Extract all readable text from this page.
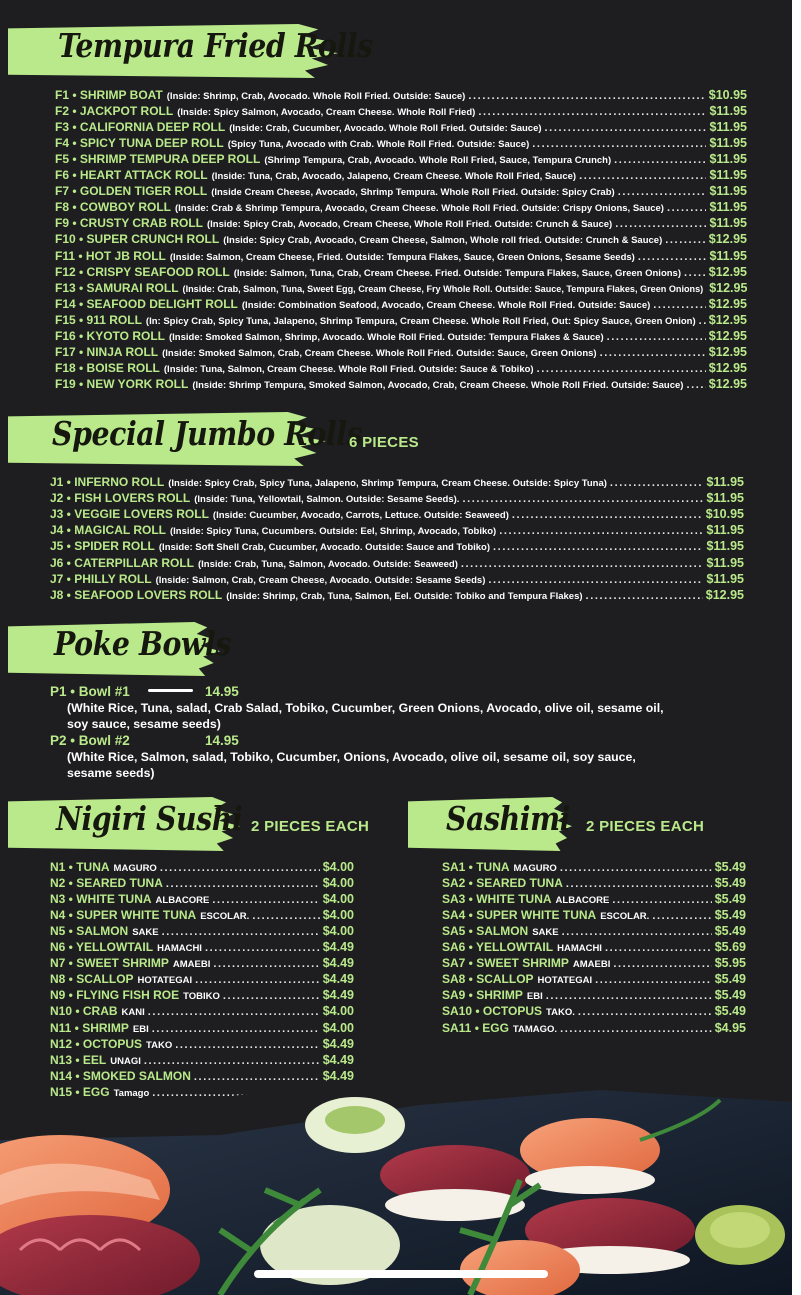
Tempura Fried Rolls
F1 • SHRIMP BOAT (Inside: Shrimp, Crab, Avocado. Whole Roll Fried. Outside: Sauce) .....	$10.95
F2 • JACKPOT ROLL (Inside: Spicy Salmon, Avocado, Cream Cheese. Whole Roll Fried) .....	$11.95
F3 • CALIFORNIA DEEP ROLL (Inside: Crab, Cucumber, Avocado. Whole Roll Fried. Outside: Sauce) .....	$11.95
F4 • SPICY TUNA DEEP ROLL (Spicy Tuna, Avocado with Crab. Whole Roll Fried. Outside: Sauce) .....	$11.95
F5 • SHRIMP TEMPURA DEEP ROLL (Shrimp Tempura, Crab, Avocado. Whole Roll Fried, Sauce, Tempura Crunch) .....	$11.95
F6 • HEART ATTACK ROLL (Inside: Tuna, Crab, Avocado, Jalapeno, Cream Cheese. Whole Roll Fried, Sauce) .....	$11.95
F7 • GOLDEN TIGER ROLL (Inside Cream Cheese, Avocado, Shrimp Tempura. Whole Roll Fried. Outside: Spicy Crab) .....	$11.95
F8 • COWBOY ROLL (Inside: Crab & Shrimp Tempura, Avocado, Cream Cheese. Whole Roll Fried. Outside: Crispy Onions, Sauce) .....	$11.95
F9 • CRUSTY CRAB ROLL (Inside: Spicy Crab, Avocado, Cream Cheese, Whole Roll Fried. Outside: Crunch & Sauce) .....	$11.95
F10 • SUPER CRUNCH ROLL (Inside: Spicy Crab, Avocado, Cream Cheese, Salmon, Whole roll fried. Outside: Crunch & Sauce) .....	$12.95
F11 • HOT JB ROLL (Inside: Salmon, Cream Cheese, Fried. Outside: Tempura Flakes, Sauce, Green Onions, Sesame Seeds) .....	$11.95
F12 • CRISPY SEAFOOD ROLL (Inside: Salmon, Tuna, Crab, Cream Cheese. Fried. Outside: Tempura Flakes, Sauce, Green Onions) ..... $12.95
F13 • SAMURAI ROLL (Inside: Crab, Salmon, Tuna, Sweet Egg, Cream Cheese, Fry Whole Roll. Outside: Sauce, Tempura Flakes, Green Onions) $12.95
F14 • SEAFOOD DELIGHT ROLL (Inside: Combination Seafood, Avocado, Cream Cheese. Whole Roll Fried. Outside: Sauce) .....	$12.95
F15 • 911 ROLL (In: Spicy Crab, Spicy Tuna, Jalapeno, Shrimp Tempura, Cream Cheese. Whole Roll Fried, Out: Spicy Sauce, Green Onion) ..... $12.95
F16 • KYOTO ROLL (Inside: Smoked Salmon, Shrimp, Avocado. Whole Roll Fried. Outside: Tempura Flakes & Sauce) .....	$12.95
F17 • NINJA ROLL (Inside: Smoked Salmon, Crab, Cream Cheese. Whole Roll Fried. Outside: Sauce, Green Onions) .....	$12.95
F18 • BOISE ROLL (Inside: Tuna, Salmon, Cream Cheese. Whole Roll Fried. Outside: Sauce & Tobiko) .....	$12.95
F19 • NEW YORK ROLL (Inside: Shrimp Tempura, Smoked Salmon, Avocado, Crab, Cream Cheese. Whole Roll Fried. Outside: Sauce) ..... $12.95
Special Jumbo Rolls
6 PIECES
J1 • INFERNO ROLL (Inside: Spicy Crab, Spicy Tuna, Jalapeno, Shrimp Tempura, Cream Cheese. Outside: Spicy Tuna) .....	$11.95
J2 • FISH LOVERS ROLL (Inside: Tuna, Yellowtail, Salmon. Outside: Sesame Seeds). .....	$11.95
J3 • VEGGIE LOVERS ROLL (Inside: Cucumber, Avocado, Carrots, Lettuce. Outside: Seaweed) .....	$10.95
J4 • MAGICAL ROLL (Inside: Spicy Tuna, Cucumbers. Outside: Eel, Shrimp, Avocado, Tobiko) .....	$11.95
J5 • SPIDER ROLL (Inside: Soft Shell Crab, Cucumber, Avocado. Outside: Sauce and Tobiko) .....	$11.95
J6 • CATERPILLAR ROLL (Inside: Crab, Tuna, Salmon, Avocado. Outside: Seaweed) .....	$11.95
J7 • PHILLY ROLL (Inside: Salmon, Crab, Cream Cheese, Avocado. Outside: Sesame Seeds) .....	$11.95
J8 • SEAFOOD LOVERS ROLL (Inside: Shrimp, Crab, Tuna, Salmon, Eel. Outside: Tobiko and Tempura Flakes) .....	$12.95
Poke Bowls
P1 • Bowl #1	14.95
(White Rice, Tuna, salad, Crab Salad, Tobiko, Cucumber, Green Onions, Avocado, olive oil, sesame oil, soy sauce, sesame seeds)
P2 • Bowl #2	14.95
(White Rice, Salmon, salad, Tobiko, Cucumber, Onions, Avocado, olive oil, sesame oil, soy sauce, sesame seeds)
Nigiri Sushi 2 PIECES EACH
N1 • TUNA MAGURO .....	$4.00
N2 • SEARED TUNA .....	$4.00
N3 • WHITE TUNA ALBACORE .....	$4.00
N4 • SUPER WHITE TUNA ESCOLAR. .....	$4.00
N5 • SALMON SAKE .....	$4.00
N6 • YELLOWTAIL HAMACHI .....	$4.49
N7 • SWEET SHRIMP AMAEBI .....	$4.49
N8 • SCALLOP HOTATEGAI .....	$4.49
N9 • FLYING FISH ROE TOBIKO .....	$4.49
N10 • CRAB KANI .....	$4.00
N11 • SHRIMP EBI .....	$4.00
N12 • OCTOPUS TAKO .....	$4.49
N13 • EEL UNAGI .....	$4.49
N14 • SMOKED SALMON .....	$4.49
N15 • EGG Tamago
.....
Sashimi 2 PIECES EACH
SA1 • TUNA MAGURO .....	$5.49
SA2 • SEARED TUNA .....	$5.49
SA3 • WHITE TUNA ALBACORE .....	$5.49
SA4 • SUPER WHITE TUNA ESCOLAR. .....	$5.49
SA5 • SALMON SAKE .....	$5.49
SA6 • YELLOWTAIL HAMACHI .....	$5.69
SA7 • SWEET SHRIMP AMAEBI .....	$5.95
SA8 • SCALLOP HOTATEGAI .....	$5.49
SA9 • SHRIMP EBI .....	$5.49
SA10 • OCTOPUS TAKO. .....	$5.49
SA11 • EGG TAMAGO. .....	$4.95
